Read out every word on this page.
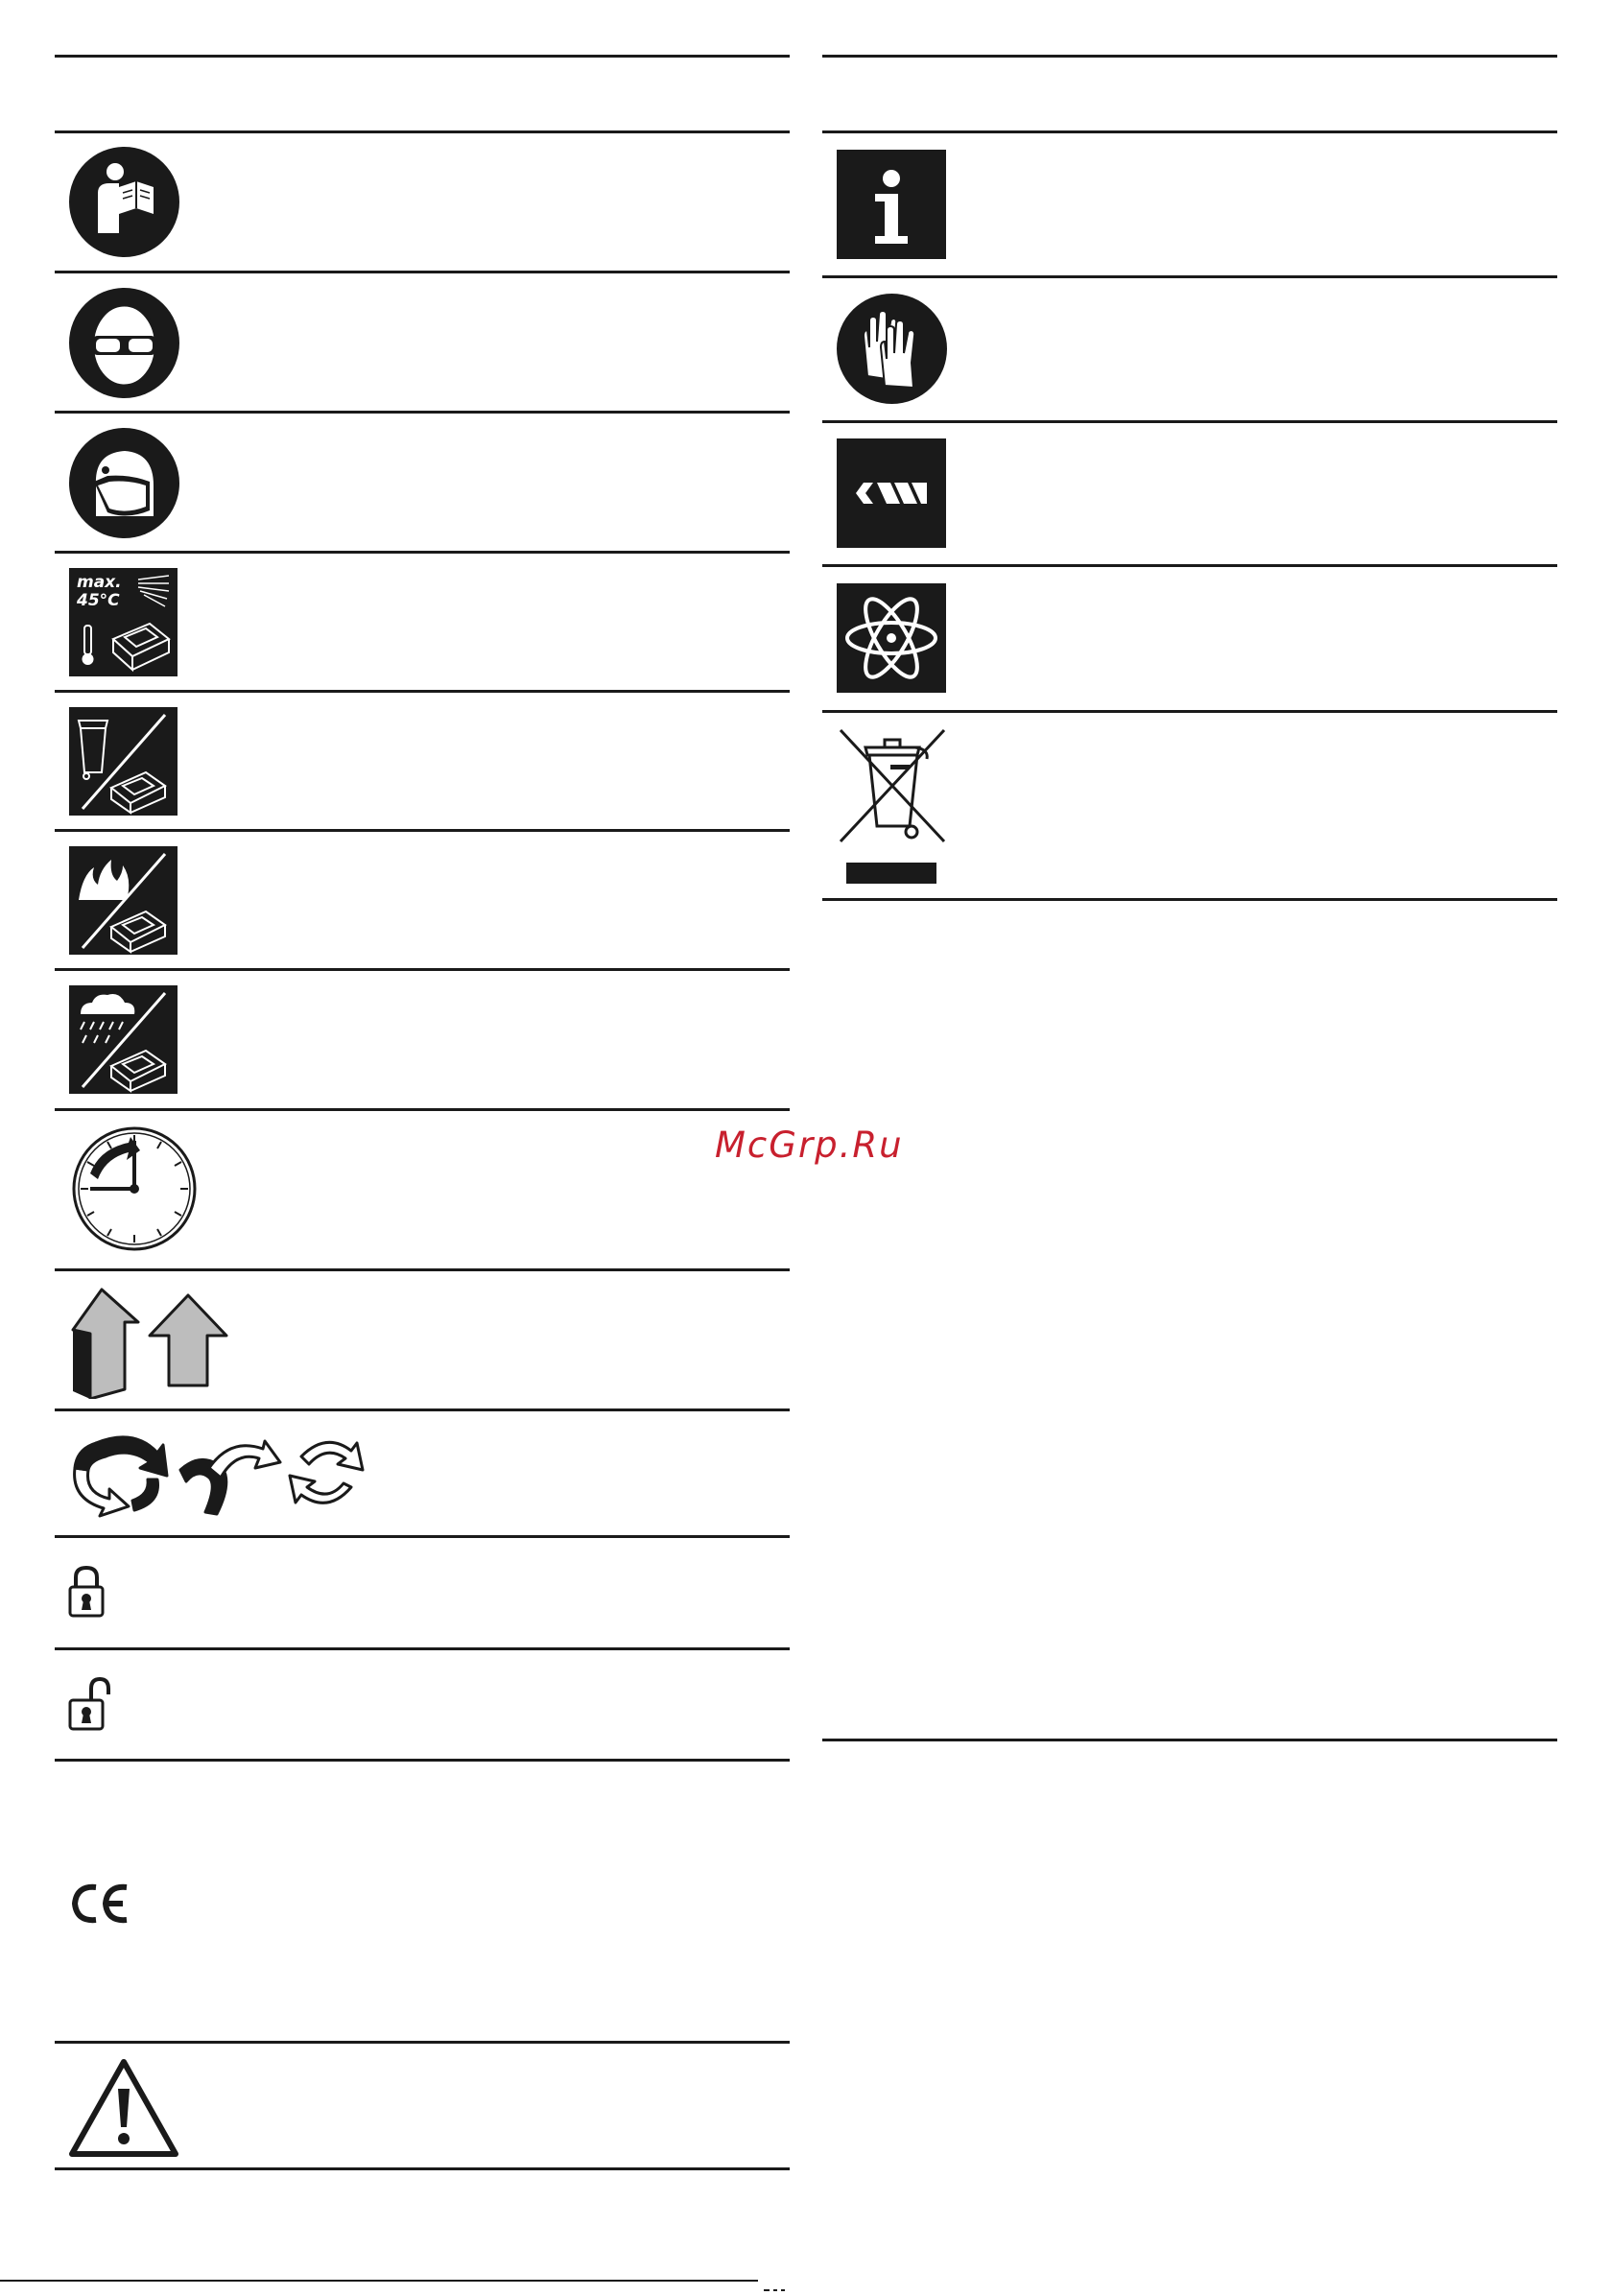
max.
45°C
McGrp.Ru
